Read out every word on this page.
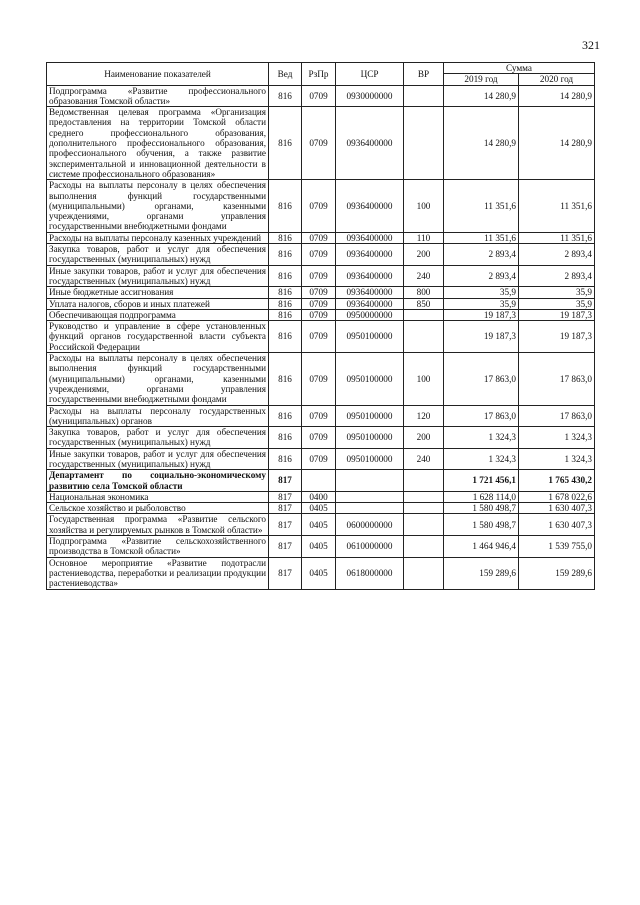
321
Наименование показателей	Вед	РзПр	ЦСР	ВР	Сумма	
					2019 год	2020 год
Подпрограмма «Развитие профессионального образования Томской области»	816	0709	0930000000		14 280,9	14 280,9
Ведомственная целевая программа «Организация предоставления на территории Томской области среднего профессионального образования, дополнительного профессионального образования, профессионального обучения, а также развитие экспериментальной и инновационной деятельности в системе профессионального образования»	816	0709	0936400000		14 280,9	14 280,9
Расходы на выплаты персоналу в целях обеспечения выполнения функций государственными (муниципальными) органами, казенными учреждениями, органами управления государственными внебюджетными фондами	816	0709	0936400000	100	11 351,6	11 351,6
Расходы на выплаты персоналу казенных учреждений	816	0709	0936400000	110	11 351,6	11 351,6
Закупка товаров, работ и услуг для обеспечения государственных (муниципальных) нужд	816	0709	0936400000	200	2 893,4	2 893,4
Иные закупки товаров, работ и услуг для обеспечения государственных (муниципальных) нужд	816	0709	0936400000	240	2 893,4	2 893,4
Иные бюджетные ассигнования	816	0709	0936400000	800	35,9	35,9
Уплата налогов, сборов и иных платежей	816	0709	0936400000	850	35,9	35,9
Обеспечивающая подпрограмма	816	0709	0950000000		19 187,3	19 187,3
Руководство и управление в сфере установленных функций органов государственной власти субъекта Российской Федерации	816	0709	0950100000		19 187,3	19 187,3
Расходы на выплаты персоналу в целях обеспечения выполнения функций государственными (муниципальными) органами, казенными учреждениями, органами управления государственными внебюджетными фондами	816	0709	0950100000	100	17 863,0	17 863,0
Расходы на выплаты персоналу государственных (муниципальных) органов	816	0709	0950100000	120	17 863,0	17 863,0
Закупка товаров, работ и услуг для обеспечения государственных (муниципальных) нужд	816	0709	0950100000	200	1 324,3	1 324,3
Иные закупки товаров, работ и услуг для обеспечения государственных (муниципальных) нужд	816	0709	0950100000	240	1 324,3	1 324,3
Департамент по социально-экономическому развитию села Томской области	817				1 721 456,1	1 765 430,2
Национальная экономика	817	0400			1 628 114,0	1 678 022,6
Сельское хозяйство и рыболовство	817	0405			1 580 498,7	1 630 407,3
Государственная программа «Развитие сельского хозяйства и регулируемых рынков в Томской области»	817	0405	0600000000		1 580 498,7	1 630 407,3
Подпрограмма «Развитие сельскохозяйственного производства в Томской области»	817	0405	0610000000		1 464 946,4	1 539 755,0
Основное мероприятие «Развитие подотрасли растениеводства, переработки и реализации продукции растениеводства»	817	0405	0618000000		159 289,6	159 289,6
